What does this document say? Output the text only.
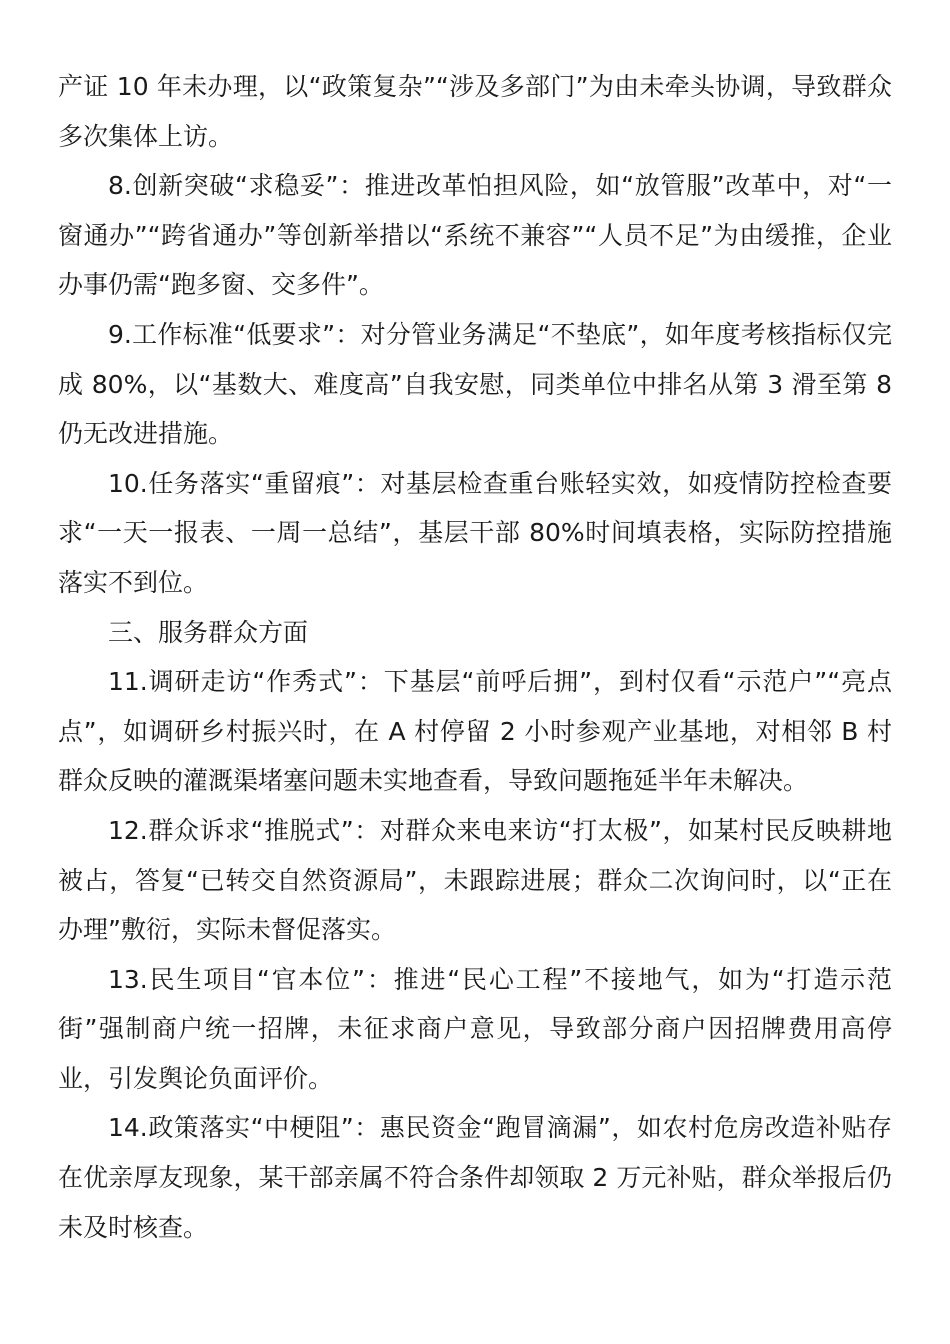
产证 10 年未办理，以“政策复杂”“涉及多部门”为由未牵头协调，导致群众多次集体上访。

8.创新突破“求稳妥”：推进改革怕担风险，如“放管服”改革中，对“一窗通办”“跨省通办”等创新举措以“系统不兼容”“人员不足”为由缓推，企业办事仍需“跑多窗、交多件”。

9.工作标准“低要求”：对分管业务满足“不垫底”，如年度考核指标仅完成 80%，以“基数大、难度高”自我安慰，同类单位中排名从第 3 滑至第 8 仍无改进措施。

10.任务落实“重留痕”：对基层检查重台账轻实效，如疫情防控检查要求“一天一报表、一周一总结”，基层干部 80%时间填表格，实际防控措施落实不到位。

三、服务群众方面

11.调研走访“作秀式”：下基层“前呼后拥”，到村仅看“示范户”“亮点点”，如调研乡村振兴时，在 A 村停留 2 小时参观产业基地，对相邻 B 村群众反映的灌溉渠堵塞问题未实地查看，导致问题拖延半年未解决。

12.群众诉求“推脱式”：对群众来电来访“打太极”，如某村民反映耕地被占，答复“已转交自然资源局”，未跟踪进展；群众二次询问时，以“正在办理”敷衍，实际未督促落实。

13.民生项目“官本位”：推进“民心工程”不接地气，如为“打造示范街”强制商户统一招牌，未征求商户意见，导致部分商户因招牌费用高停业，引发舆论负面评价。

14.政策落实“中梗阻”：惠民资金“跑冒滴漏”，如农村危房改造补贴存在优亲厚友现象，某干部亲属不符合条件却领取 2 万元补贴，群众举报后仍未及时核查。
